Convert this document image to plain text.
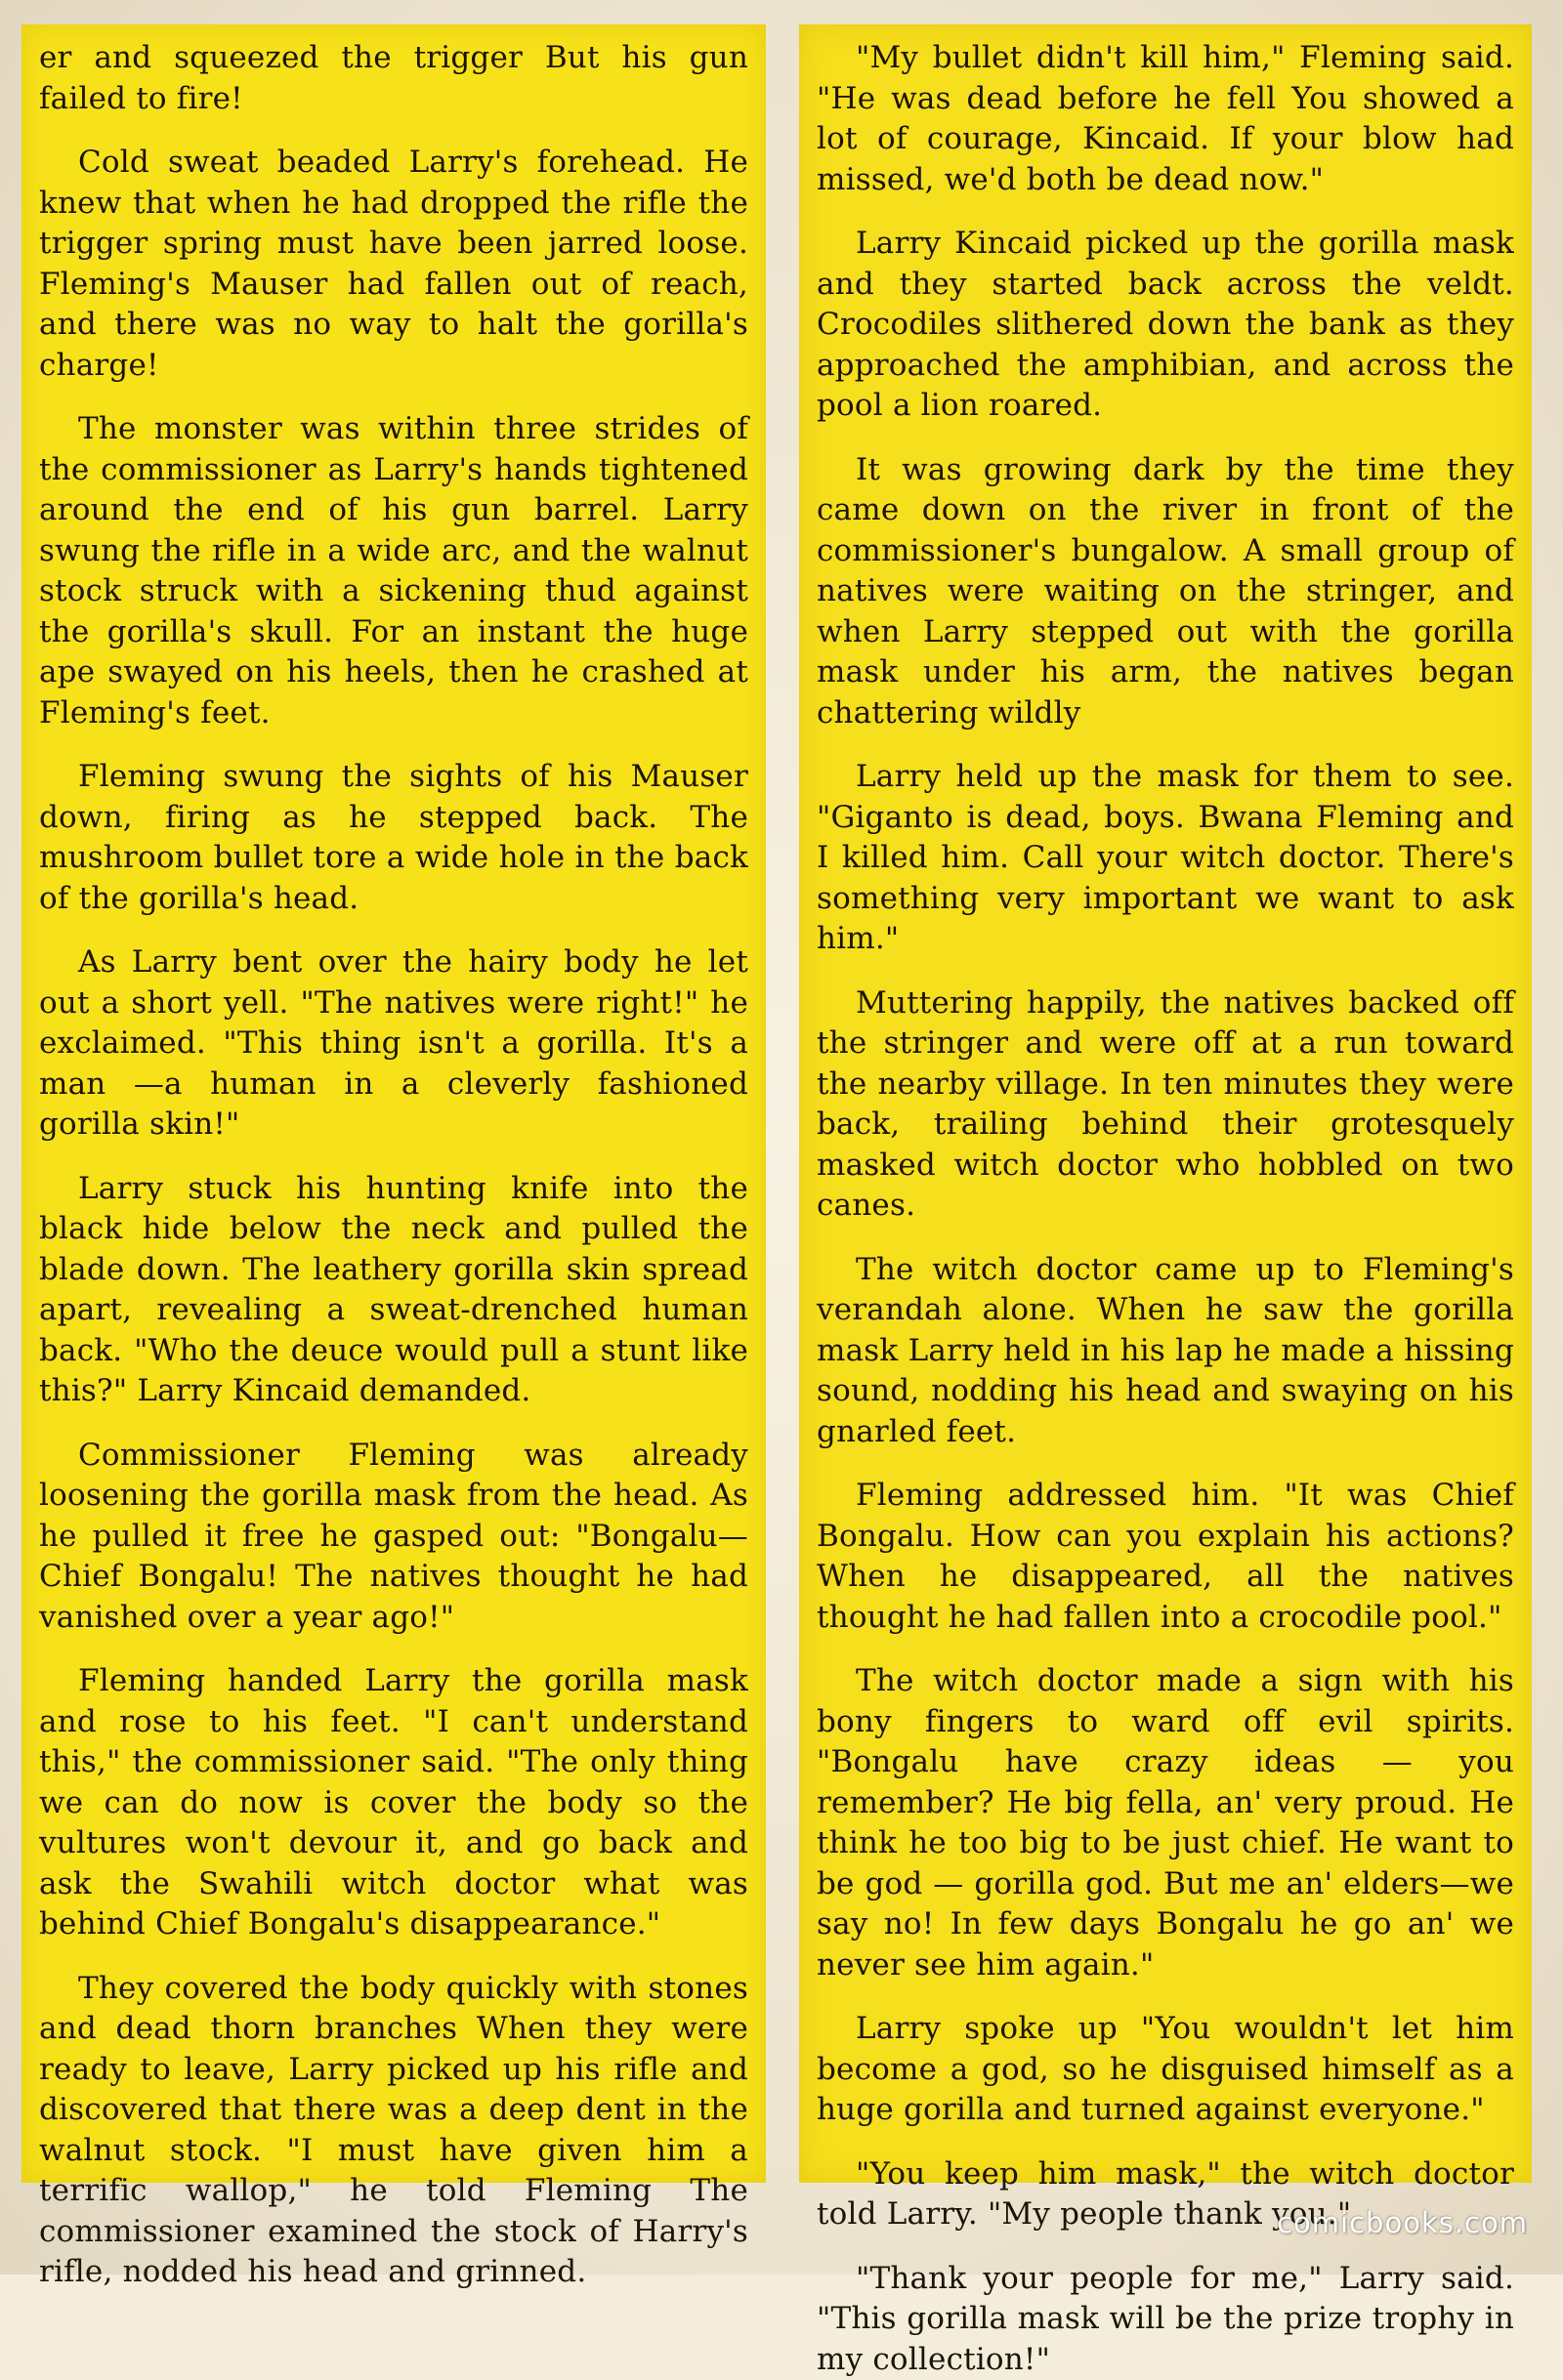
er and squeezed the trigger But his gun failed to fire!

Cold sweat beaded Larry's forehead. He knew that when he had dropped the rifle the trigger spring must have been jarred loose. Fleming's Mauser had fallen out of reach, and there was no way to halt the gorilla's charge!

The monster was within three strides of the commissioner as Larry's hands tightened around the end of his gun barrel. Larry swung the rifle in a wide arc, and the walnut stock struck with a sickening thud against the gorilla's skull. For an instant the huge ape swayed on his heels, then he crashed at Fleming's feet.

Fleming swung the sights of his Mauser down, firing as he stepped back. The mushroom bullet tore a wide hole in the back of the gorilla's head.

As Larry bent over the hairy body he let out a short yell. "The natives were right!" he exclaimed. "This thing isn't a gorilla. It's a man —a human in a cleverly fashioned gorilla skin!"

Larry stuck his hunting knife into the black hide below the neck and pulled the blade down. The leathery gorilla skin spread apart, revealing a sweat-drenched human back. "Who the deuce would pull a stunt like this?" Larry Kincaid demanded.

Commissioner Fleming was already loosening the gorilla mask from the head. As he pulled it free he gasped out: "Bongalu—Chief Bongalu! The natives thought he had vanished over a year ago!"

Fleming handed Larry the gorilla mask and rose to his feet. "I can't understand this," the commissioner said. "The only thing we can do now is cover the body so the vultures won't devour it, and go back and ask the Swahili witch doctor what was behind Chief Bongalu's disappearance."

They covered the body quickly with stones and dead thorn branches When they were ready to leave, Larry picked up his rifle and discovered that there was a deep dent in the walnut stock. "I must have given him a terrific wallop," he told Fleming The commissioner examined the stock of Harry's rifle, nodded his head and grinned.

"My bullet didn't kill him," Fleming said. "He was dead before he fell You showed a lot of courage, Kincaid. If your blow had missed, we'd both be dead now."

Larry Kincaid picked up the gorilla mask and they started back across the veldt. Crocodiles slithered down the bank as they approached the amphibian, and across the pool a lion roared.

It was growing dark by the time they came down on the river in front of the commissioner's bungalow. A small group of natives were waiting on the stringer, and when Larry stepped out with the gorilla mask under his arm, the natives began chattering wildly

Larry held up the mask for them to see. "Giganto is dead, boys. Bwana Fleming and I killed him. Call your witch doctor. There's something very important we want to ask him."

Muttering happily, the natives backed off the stringer and were off at a run toward the nearby village. In ten minutes they were back, trailing behind their grotesquely masked witch doctor who hobbled on two canes.

The witch doctor came up to Fleming's verandah alone. When he saw the gorilla mask Larry held in his lap he made a hissing sound, nodding his head and swaying on his gnarled feet.

Fleming addressed him. "It was Chief Bongalu. How can you explain his actions? When he disappeared, all the natives thought he had fallen into a crocodile pool."

The witch doctor made a sign with his bony fingers to ward off evil spirits. "Bongalu have crazy ideas — you remember? He big fella, an' very proud. He think he too big to be just chief. He want to be god — gorilla god. But me an' elders—we say no! In few days Bongalu he go an' we never see him again."

Larry spoke up "You wouldn't let him become a god, so he disguised himself as a huge gorilla and turned against everyone."

"You keep him mask," the witch doctor told Larry. "My people thank you."

"Thank your people for me," Larry said. "This gorilla mask will be the prize trophy in my collection!"

comicbooks.com
